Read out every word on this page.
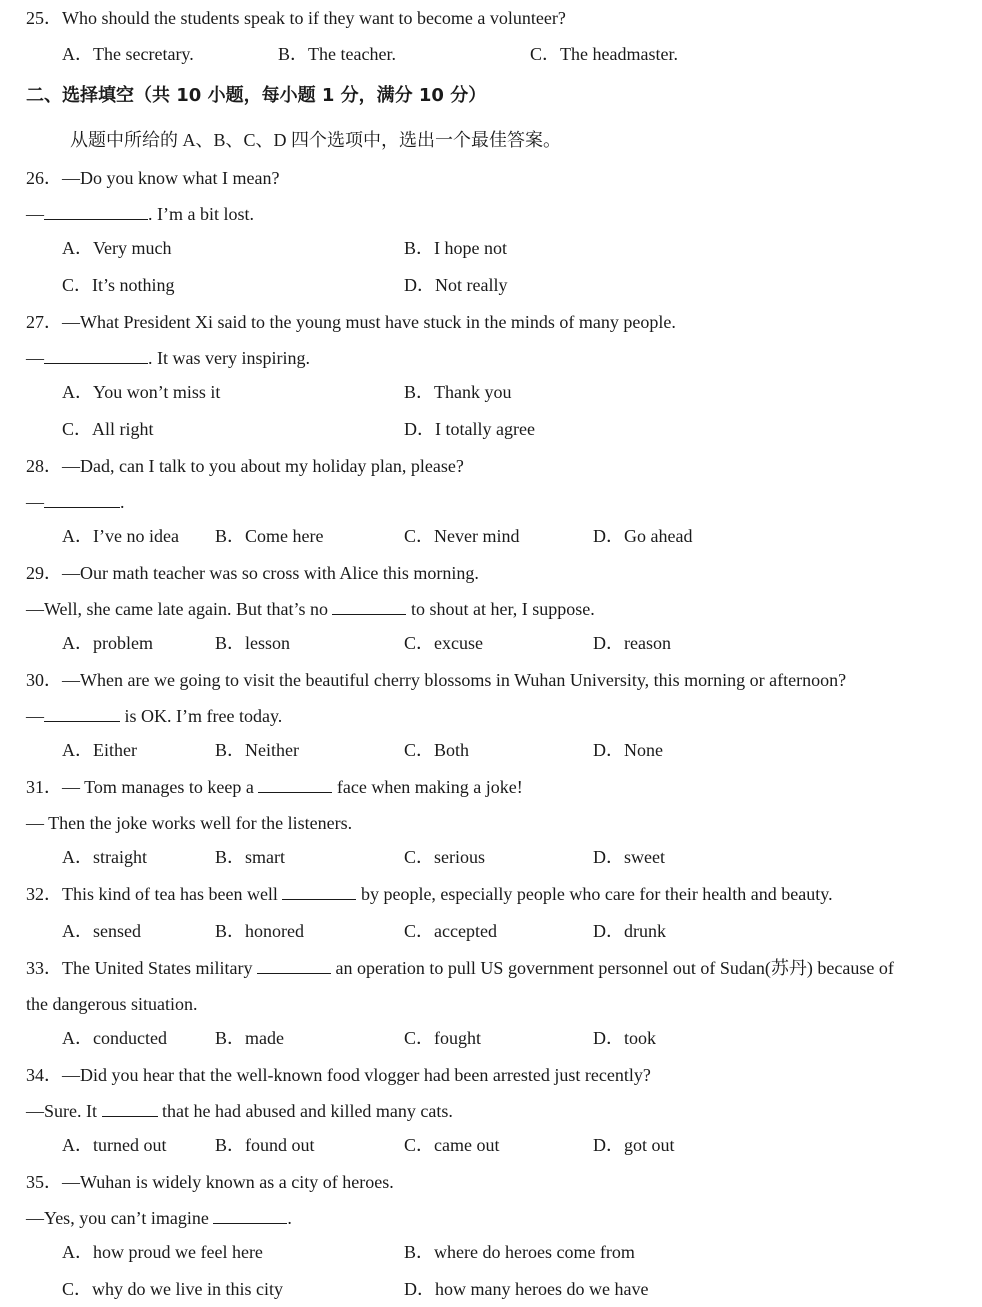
25．Who should the students speak to if they want to become a volunteer?
A．The secretary.	B．The teacher.	C．The headmaster.
二、选择填空（共 10 小题，每小题 1 分，满分 10 分）
从题中所给的 A、B、C、D 四个选项中，选出一个最佳答案。
26．—Do you know what I mean?
—	. I’m a bit lost.
A．Very much	B．I hope not
C．It’s nothing	D．Not really
27．—What President Xi said to the young must have stuck in the minds of many people.
—	. It was very inspiring.
A．You won’t miss it	B．Thank you
C．All right	D．I totally agree
28．—Dad, can I talk to you about my holiday plan, please?
—	.
A．I’ve no idea B．Come here	C．Never mind	D．Go ahead
29．—Our math teacher was so cross with Alice this morning.
—Well, she came late again. But that’s no	to shout at her, I suppose.
A．problem	B．lesson	C．excuse	D．reason
30．—When are we going to visit the beautiful cherry blossoms in Wuhan University, this morning or afternoon?
—	is OK. I’m free today.
A．Either	B．Neither	C．Both	D．None
31．— Tom manages to keep a	face when making a joke!
— Then the joke works well for the listeners.
A．straight	B．smart	C．serious	D．sweet
32．This kind of tea has been well	by people, especially people who care for their health and beauty.
A．sensed	B．honored	C．accepted	D．drunk
33．The United States military	an operation to pull US government personnel out of Sudan(苏丹) because of
the dangerous situation.
A．conducted	B．made	C．fought	D．took
34．—Did you hear that the well-known food vlogger had been arrested just recently?
—Sure. It	that he had abused and killed many cats.
A．turned out	B．found out	C．came out	D．got out
35．—Wuhan is widely known as a city of heroes.
—Yes, you can’t imagine	.
A．how proud we feel here	B．where do heroes come from
C．why do we live in this city	D．how many heroes do we have
